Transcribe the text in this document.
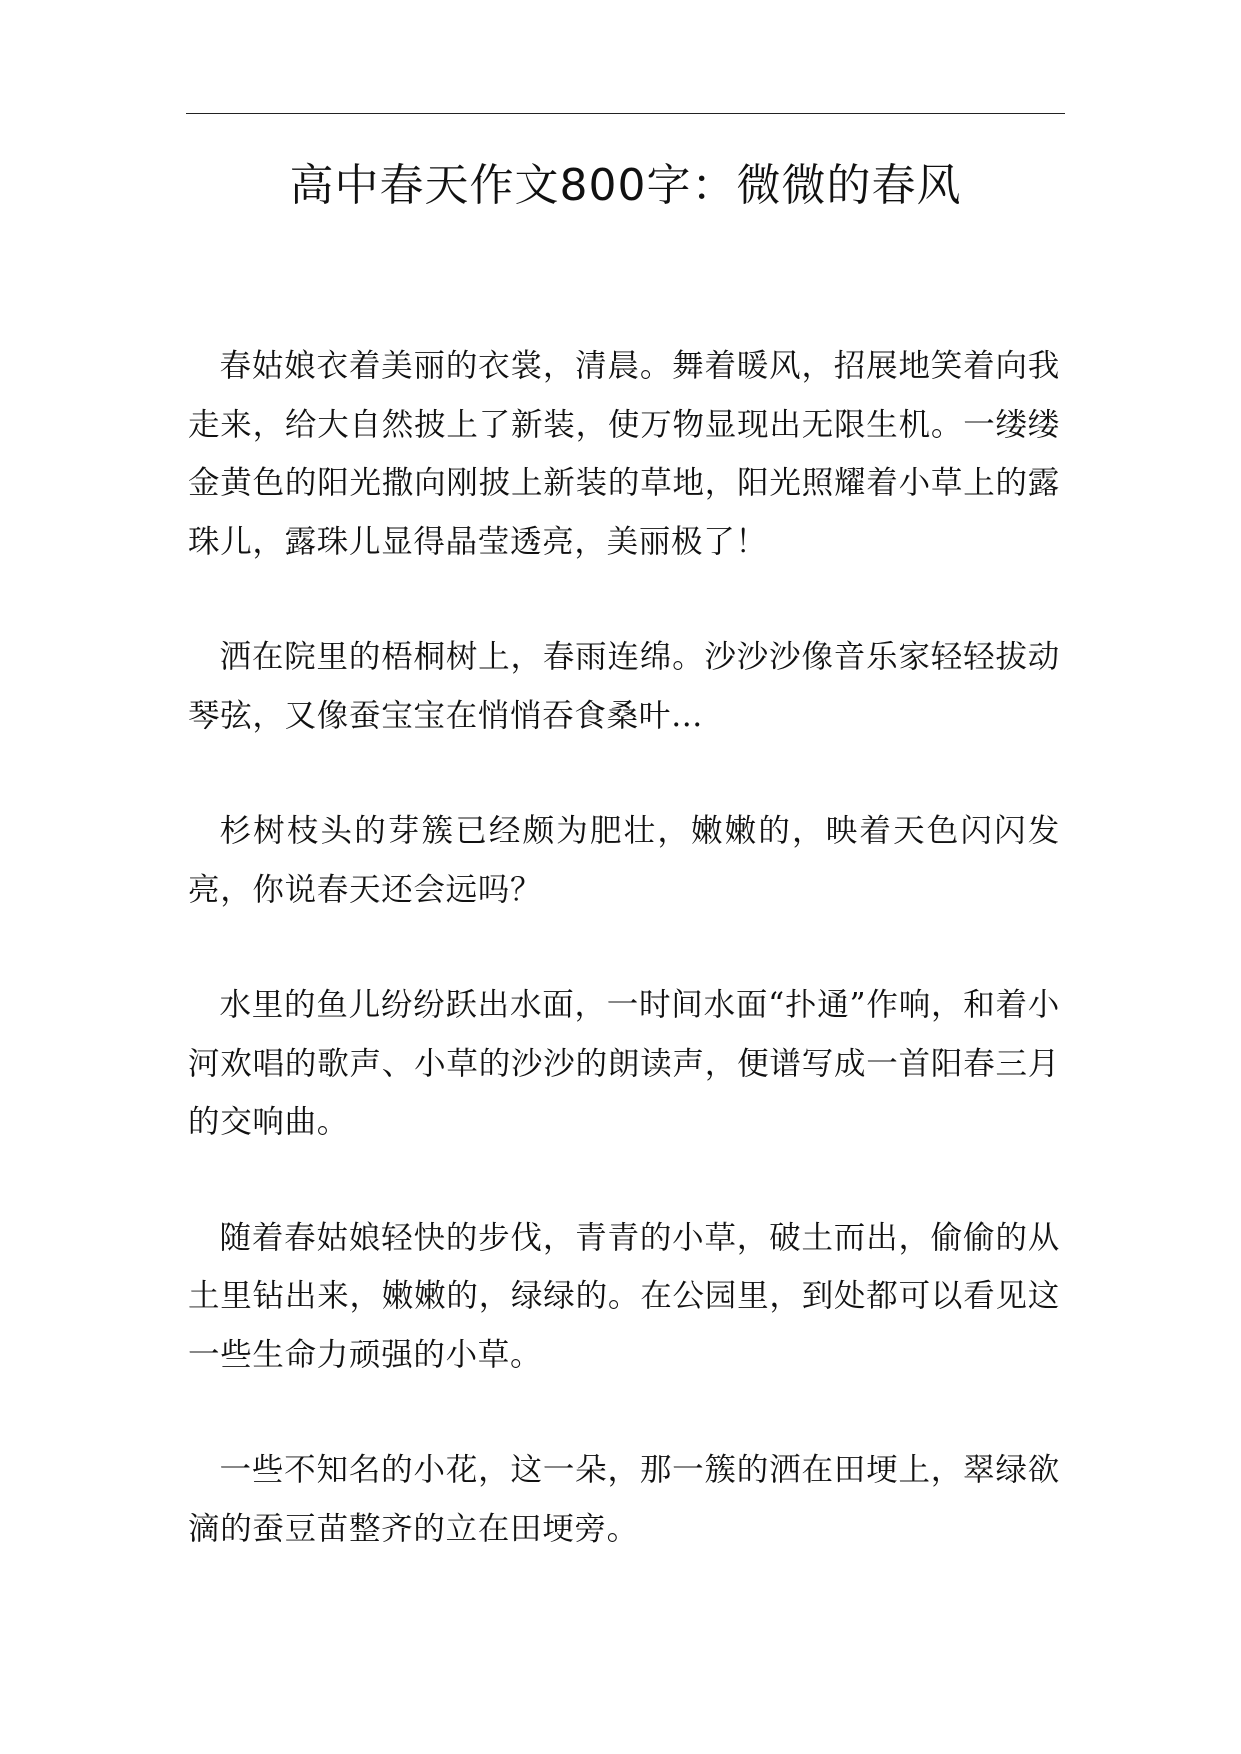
高中春天作文800字：微微的春风

春姑娘衣着美丽的衣裳，清晨。舞着暖风，招展地笑着向我走来，给大自然披上了新装，使万物显现出无限生机。一缕缕金黄色的阳光撒向刚披上新装的草地，阳光照耀着小草上的露珠儿，露珠儿显得晶莹透亮，美丽极了！

洒在院里的梧桐树上，春雨连绵。沙沙沙像音乐家轻轻拔动琴弦，又像蚕宝宝在悄悄吞食桑叶…

杉树枝头的芽簇已经颇为肥壮，嫩嫩的，映着天色闪闪发亮，你说春天还会远吗？

水里的鱼儿纷纷跃出水面，一时间水面“扑通”作响，和着小河欢唱的歌声、小草的沙沙的朗读声，便谱写成一首阳春三月的交响曲。

随着春姑娘轻快的步伐，青青的小草，破土而出，偷偷的从土里钻出来，嫩嫩的，绿绿的。在公园里，到处都可以看见这一些生命力顽强的小草。

一些不知名的小花，这一朵，那一簇的洒在田埂上，翠绿欲滴的蚕豆苗整齐的立在田埂旁。
